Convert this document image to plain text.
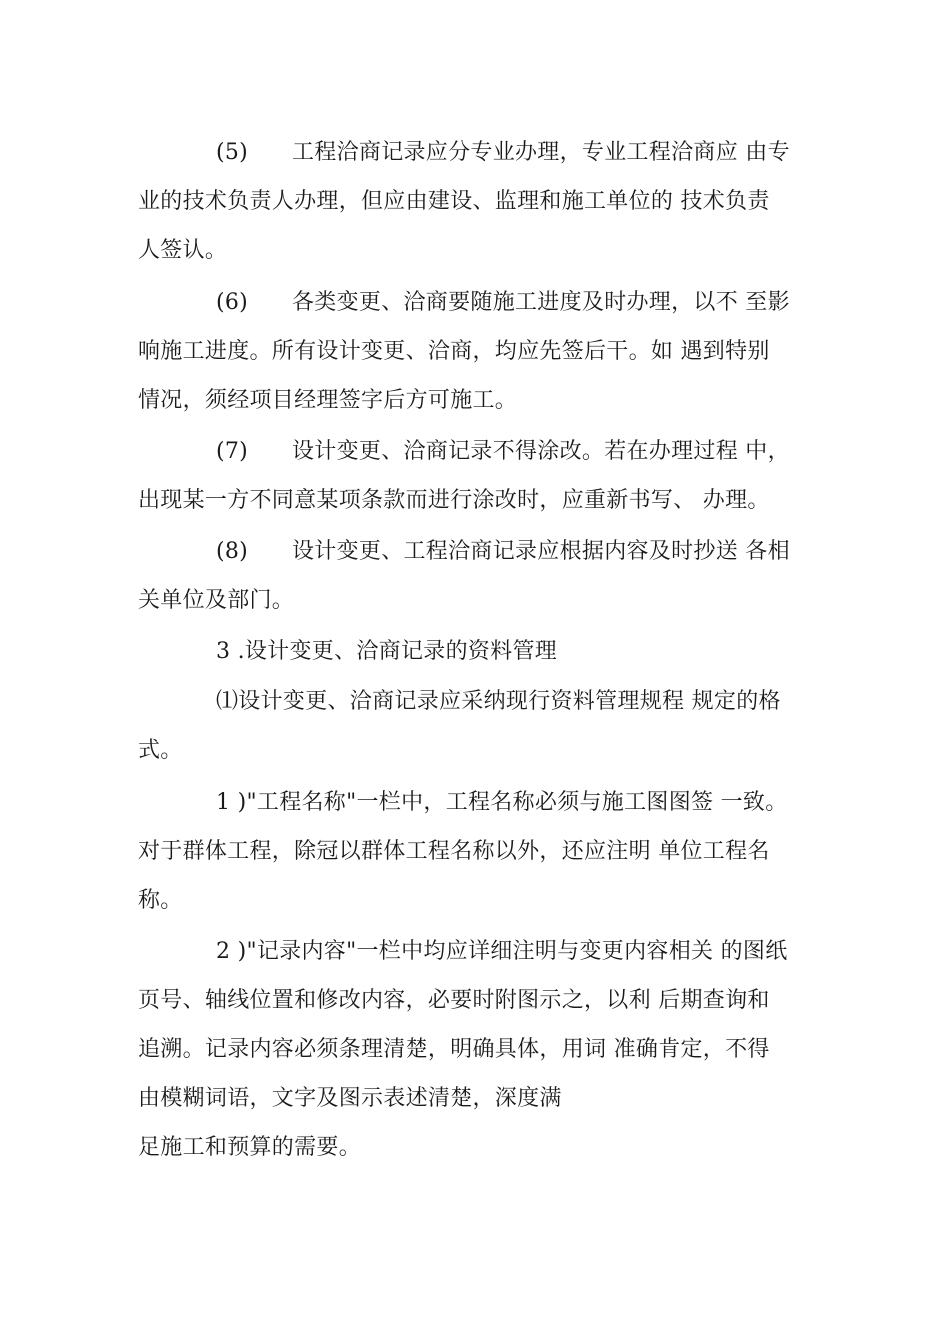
(5) 工程洽商记录应分专业办理，专业工程洽商应 由专
业的技术负责人办理，但应由建设、监理和施工单位的 技术负责
人签认。
(6) 各类变更、洽商要随施工进度及时办理，以不 至影
响施工进度。所有设计变更、洽商，均应先签后干。如 遇到特别
情况，须经项目经理签字后方可施工。
(7) 设计变更、洽商记录不得涂改。若在办理过程 中，
出现某一方不同意某项条款而进行涂改时，应重新书写、 办理。
(8) 设计变更、工程洽商记录应根据内容及时抄送 各相
关单位及部门。
3 .设计变更、洽商记录的资料管理
⑴设计变更、洽商记录应采纳现行资料管理规程 规定的格
式。
1 )"工程名称"一栏中，工程名称必须与施工图图签 一致。
对于群体工程，除冠以群体工程名称以外，还应注明 单位工程名
称。
2 )"记录内容"一栏中均应详细注明与变更内容相关 的图纸
页号、轴线位置和修改内容，必要时附图示之，以利 后期查询和
追溯。记录内容必须条理清楚，明确具体，用词 准确肯定，不得
由模糊词语，文字及图示表述清楚，深度满
足施工和预算的需要。
